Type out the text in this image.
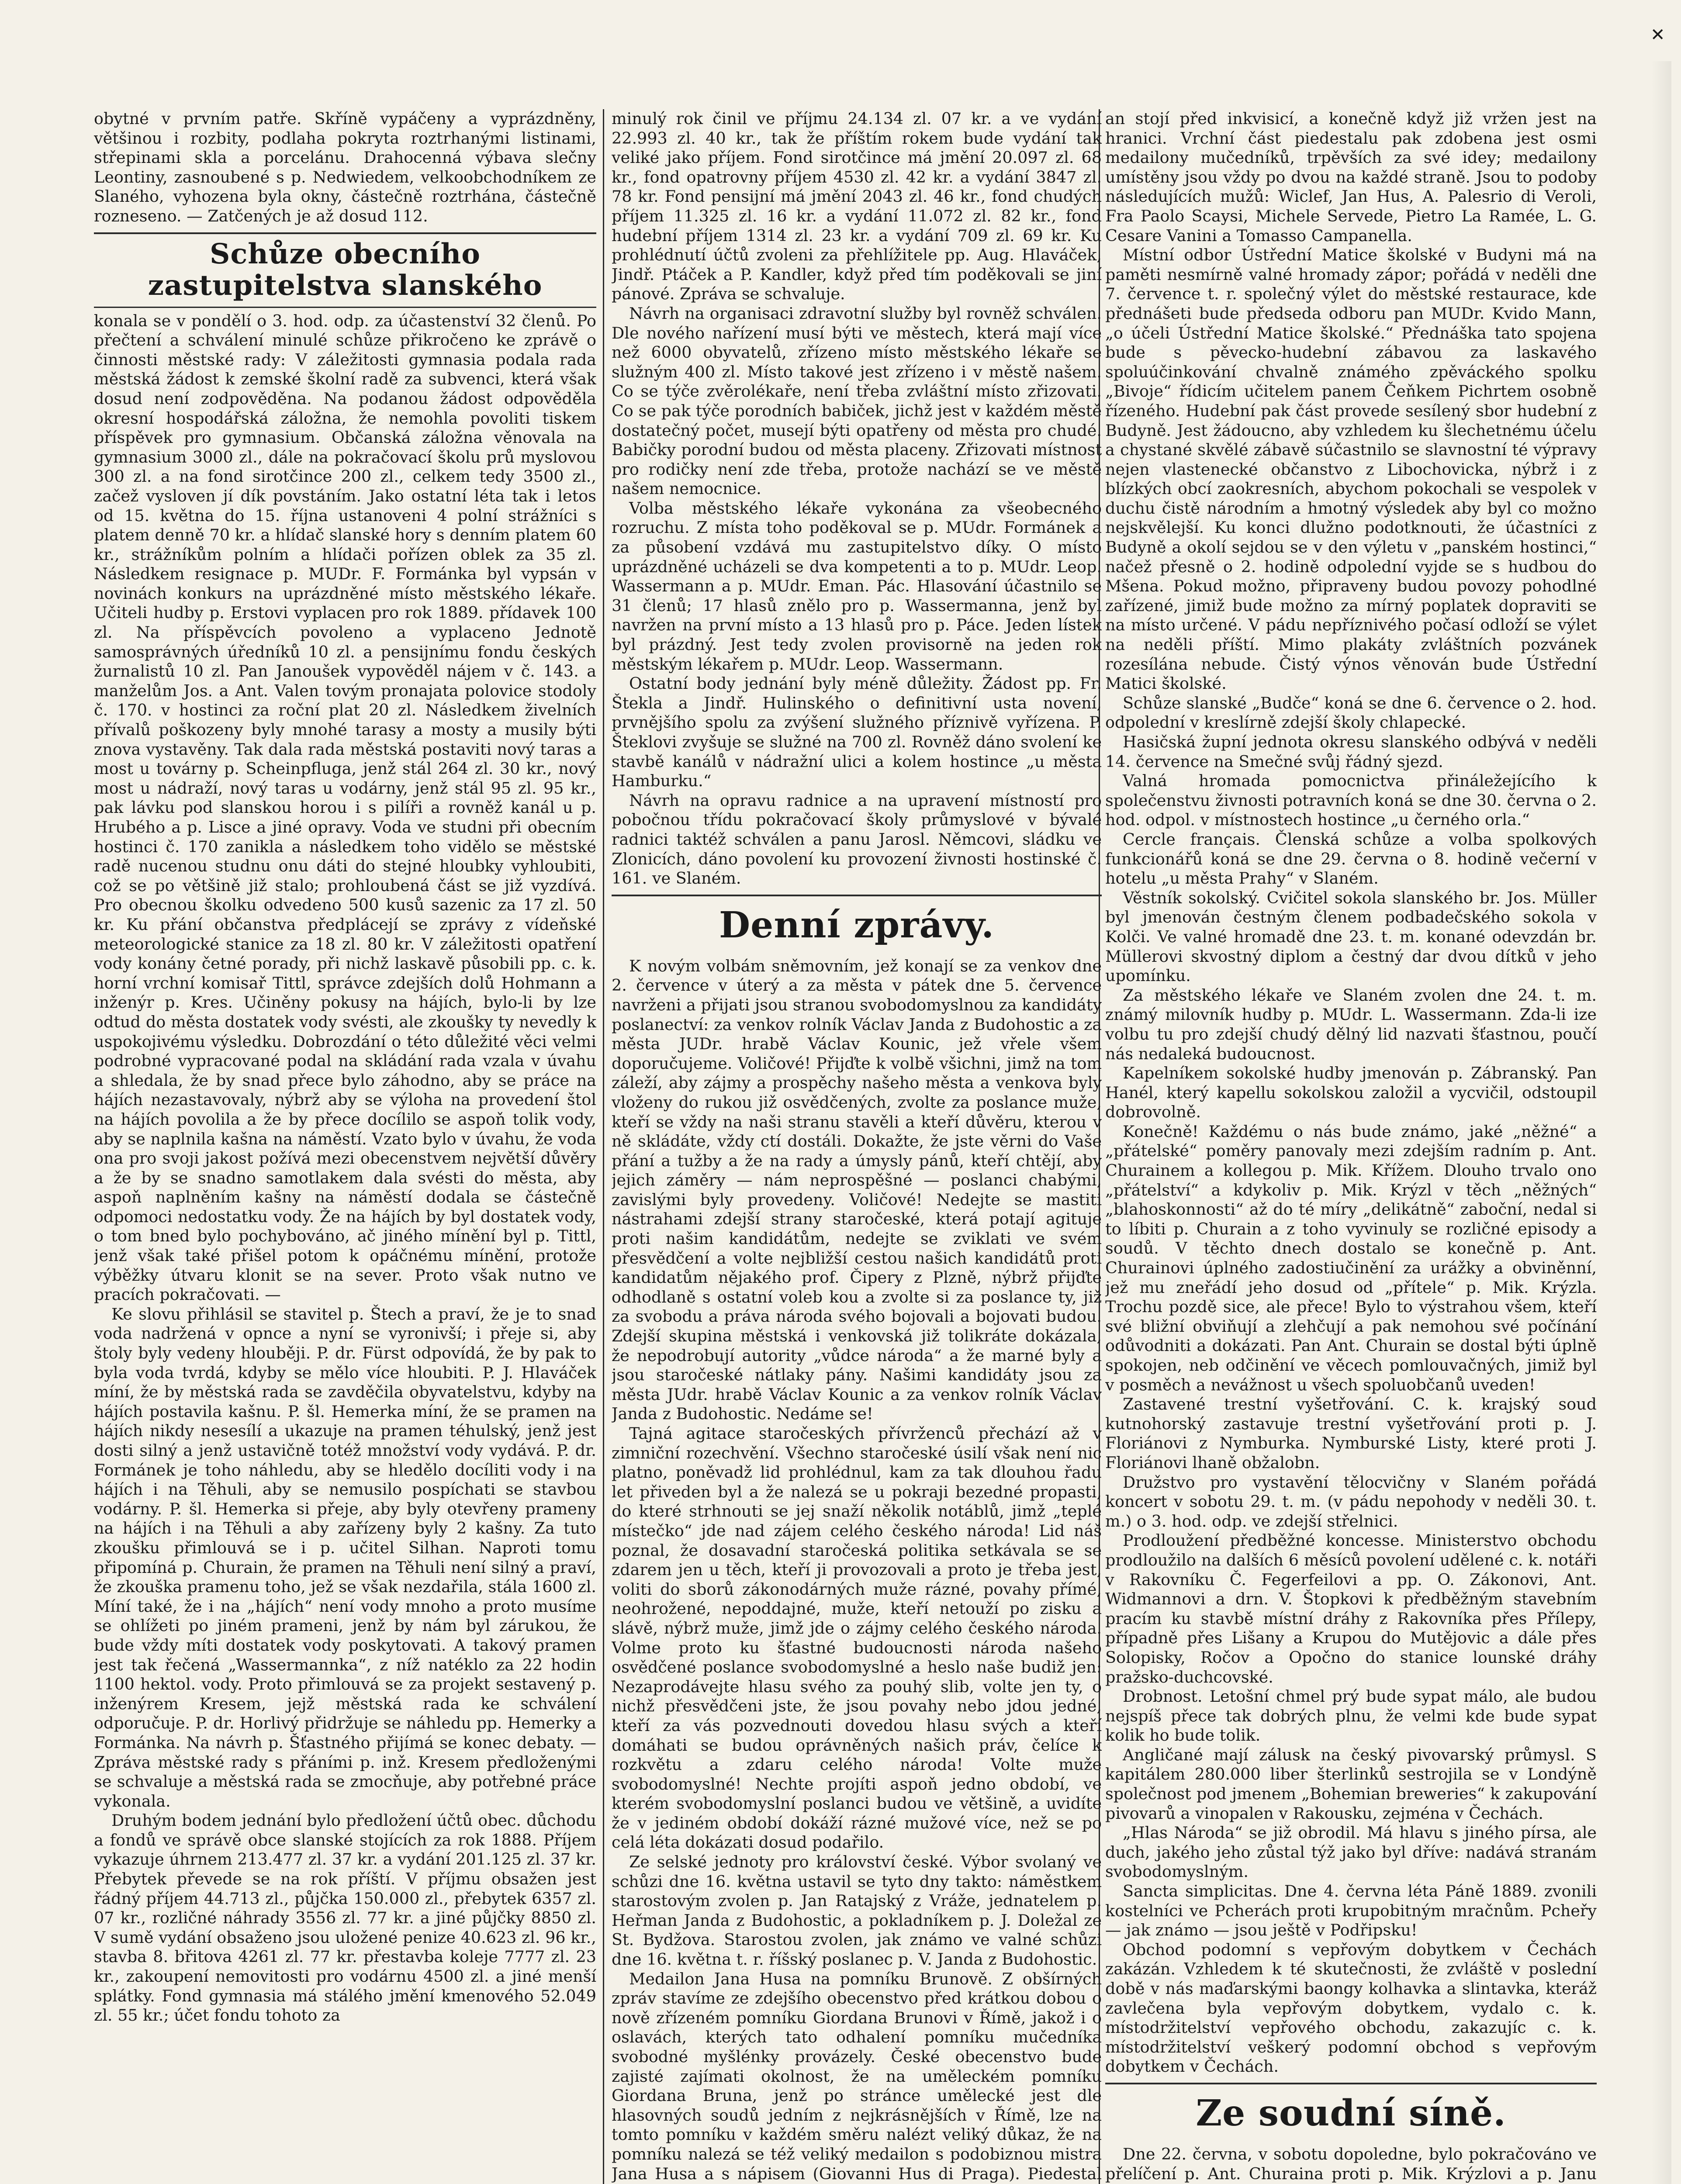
✕

obytné v prvním patře. Skříně vypáčeny a vyprázdněny, většinou i rozbity, podlaha pokryta roztrhanými listinami, střepinami skla a porcelánu. Drahocenná výbava slečny Leontiny, zasnoubené s p. Nedwiedem, velkoobchodníkem ze Slaného, vyhozena byla okny, částečně roztrhána, částečně rozneseno. — Zatčených je až dosud 112.

Schůze obecního zastupitelstva slanského

konala se v pondělí o 3. hod. odp. za účastenství 32 členů. Po přečtení a schválení minulé schůze přikročeno ke zprávě o činnosti městské rady: V záležitosti gymnasia podala rada městská žádost k zemské školní radě za subvenci, která však dosud není zodpověděna. Na podanou žádost odpověděla okresní hospodářská záložna, že nemohla povoliti tiskem příspěvek pro gymnasium. Občanská záložna věnovala na gymnasium 3000 zl., dále na pokračovací školu prů myslovou 300 zl. a na fond sirotčince 200 zl., celkem tedy 3500 zl., začež vysloven jí dík povstáním. Jako ostatní léta tak i letos od 15. května do 15. října ustanoveni 4 polní strážníci s platem denně 70 kr. a hlídač slanské hory s denním platem 60 kr., strážníkům polním a hlídači pořízen oblek za 35 zl. Následkem resignace p. MUDr. F. Formánka byl vypsán v novinách konkurs na uprázdněné místo městského lékaře. Učiteli hudby p. Erstovi vyplacen pro rok 1889. přídavek 100 zl. Na příspěvcích povoleno a vyplaceno Jednotě samosprávných úředníků 10 zl. a pensijnímu fondu českých žurnalistů 10 zl. Pan Janoušek vypověděl nájem v č. 143. a manželům Jos. a Ant. Valen tovým pronajata polovice stodoly č. 170. v hostinci za roční plat 20 zl. Následkem živelních přívalů poškozeny byly mnohé tarasy a mosty a musily býti znova vystavěny. Tak dala rada městská postaviti nový taras a most u továrny p. Scheinpfluga, jenž stál 264 zl. 30 kr., nový most u nádraží, nový taras u vodárny, jenž stál 95 zl. 95 kr., pak lávku pod slanskou horou i s pilíři a rovněž kanál u p. Hrubého a p. Lisce a jiné opravy. Voda ve studni při obecním hostinci č. 170 zanikla a následkem toho vidělo se městské radě nucenou studnu onu dáti do stejné hloubky vyhloubiti, což se po většině již stalo; prohloubená část se již vyzdívá. Pro obecnou školku odvedeno 500 kusů sazenic za 17 zl. 50 kr. Ku přání občanstva předplácejí se zprávy z vídeňské meteorologické stanice za 18 zl. 80 kr. V záležitosti opatření vody konány četné porady, při nichž laskavě působili pp. c. k. horní vrchní komisař Tittl, správce zdejších dolů Hohmann a inženýr p. Kres. Učiněny pokusy na hájích, bylo-li by lze odtud do města dostatek vody svésti, ale zkoušky ty nevedly k uspokojivému výsledku. Dobrozdání o této důležité věci velmi podrobné vypracované podal na skládání rada vzala v úvahu a shledala, že by snad přece bylo záhodno, aby se práce na hájích nezastavovaly, nýbrž aby se výloha na provedení štol na hájích povolila a že by přece docílilo se aspoň tolik vody, aby se naplnila kašna na náměstí. Vzato bylo v úvahu, že voda ona pro svoji jakost požívá mezi obecenstvem největší důvěry a že by se snadno samotlakem dala svésti do města, aby aspoň naplněním kašny na náměstí dodala se částečně odpomoci nedostatku vody. Že na hájích by byl dostatek vody, o tom bned bylo pochybováno, ač jiného mínění byl p. Tittl, jenž však také přišel potom k opáčnému mínění, protože výběžky útvaru klonit se na sever. Proto však nutno ve pracích pokračovati. —

Ke slovu přihlásil se stavitel p. Štech a praví, že je to snad voda nadržená v opnce a nyní se vyronivší; i přeje si, aby štoly byly vedeny hlouběji. P. dr. Fürst odpovídá, že by pak to byla voda tvrdá, kdyby se mělo více hloubiti. P. J. Hlaváček míní, že by městská rada se zavděčila obyvatelstvu, kdyby na hájích postavila kašnu. P. šl. Hemerka míní, že se pramen na hájích nikdy nesesílí a ukazuje na pramen téhulský, jenž jest dosti silný a jenž ustavičně totéž množství vody vydává. P. dr. Formánek je toho náhledu, aby se hledělo docíliti vody i na hájích i na Těhuli, aby se nemusilo pospíchati se stavbou vodárny. P. šl. Hemerka si přeje, aby byly otevřeny prameny na hájích i na Těhuli a aby zařízeny byly 2 kašny. Za tuto zkoušku přimlouvá se i p. učitel Silhan. Naproti tomu připomíná p. Churain, že pramen na Těhuli není silný a praví, že zkouška pramenu toho, jež se však nezdařila, stála 1600 zl. Míní také, že i na „hájích“ není vody mnoho a proto musíme se ohlížeti po jiném prameni, jenž by nám byl zárukou, že bude vždy míti dostatek vody poskytovati. A takový pramen jest tak řečená „Wassermannka“, z níž natéklo za 22 hodin 1100 hektol. vody. Proto přimlouvá se za projekt sestavený p. inženýrem Kresem, jejž městská rada ke schválení odporučuje. P. dr. Horlivý přidržuje se náhledu pp. Hemerky a Formánka. Na návrh p. Šťastného přijímá se konec debaty. — Zpráva městské rady s přáními p. inž. Kresem předloženými se schvaluje a městská rada se zmocňuje, aby potřebné práce vykonala.

Druhým bodem jednání bylo předložení účtů obec. důchodu a fondů ve správě obce slanské stojících za rok 1888. Příjem vykazuje úhrnem 213.477 zl. 37 kr. a vydání 201.125 zl. 37 kr. Přebytek převede se na rok příští. V příjmu obsažen jest řádný příjem 44.713 zl., půjčka 150.000 zl., přebytek 6357 zl. 07 kr., rozličné náhrady 3556 zl. 77 kr. a jiné půjčky 8850 zl. V sumě vydání obsaženo jsou uložené penize 40.623 zl. 96 kr., stavba 8. břitova 4261 zl. 77 kr. přestavba koleje 7777 zl. 23 kr., zakoupení nemovitosti pro vodárnu 4500 zl. a jiné menší splátky. Fond gymnasia má stálého jmění kmenového 52.049 zl. 55 kr.; účet fondu tohoto za

minulý rok činil ve příjmu 24.134 zl. 07 kr. a ve vydání 22.993 zl. 40 kr., tak že příštím rokem bude vydání tak veliké jako příjem. Fond sirotčince má jmění 20.097 zl. 68 kr., fond opatrovny příjem 4530 zl. 42 kr. a vydání 3847 zl. 78 kr. Fond pensijní má jmění 2043 zl. 46 kr., fond chudých příjem 11.325 zl. 16 kr. a vydání 11.072 zl. 82 kr., fond hudební příjem 1314 zl. 23 kr. a vydání 709 zl. 69 kr. Ku prohlédnutí účtů zvoleni za přehlížitele pp. Aug. Hlaváček, Jindř. Ptáček a P. Kandler, když před tím poděkovali se jiní pánové. Zpráva se schvaluje.

Návrh na organisaci zdravotní služby byl rovněž schválen. Dle nového nařízení musí býti ve městech, která mají více než 6000 obyvatelů, zřízeno místo městského lékaře se služným 400 zl. Místo takové jest zřízeno i v městě našem. Co se týče zvěrolékaře, není třeba zvláštní místo zřizovati. Co se pak týče porodních babiček, jichž jest v každém městě dostatečný počet, musejí býti opatřeny od města pro chudé. Babičky porodní budou od města placeny. Zřizovati místnost pro rodičky není zde třeba, protože nachází se ve městě našem nemocnice.

Volba městského lékaře vykonána za všeobecného rozruchu. Z místa toho poděkoval se p. MUdr. Formánek a za působení vzdává mu zastupitelstvo díky. O místo uprázdněné ucházeli se dva kompetenti a to p. MUdr. Leop. Wassermann a p. MUdr. Eman. Pác. Hlasování účastnilo se 31 členů; 17 hlasů znělo pro p. Wassermanna, jenž byl navržen na první místo a 13 hlasů pro p. Páce. Jeden lístek byl prázdný. Jest tedy zvolen provisorně na jeden rok městským lékařem p. MUdr. Leop. Wassermann.

Ostatní body jednání byly méně důležity. Žádost pp. Fr. Štekla a Jindř. Hulinského o definitivní usta novení, prvnějšího spolu za zvýšení služného příznivě vyřízena. P. Šteklovi zvyšuje se služné na 700 zl. Rovněž dáno svolení ke stavbě kanálů v nádražní ulici a kolem hostince „u města Hamburku.“

Návrh na opravu radnice a na upravení místností pro pobočnou třídu pokračovací školy průmyslové v bývalé radnici taktéž schválen a panu Jarosl. Němcovi, sládku ve Zlonicích, dáno povolení ku provození živnosti hostinské č. 161. ve Slaném.

Denní zprávy.

K novým volbám sněmovním, jež konají se za venkov dne 2. července v úterý a za města v pátek dne 5. července navrženi a přijati jsou stranou svobodomyslnou za kandidáty poslanectví: za venkov rolník Václav Janda z Budohostic a za města JUDr. hrabě Václav Kounic, jež vřele všem doporučujeme. Voličové! Přijďte k volbě všichni, jimž na tom záleží, aby zájmy a prospěchy našeho města a venkova byly vloženy do rukou již osvědčených, zvolte za poslance muže, kteří se vždy na naši stranu stavěli a kteří důvěru, kterou v ně skládáte, vždy ctí dostáli. Dokažte, že jste věrni do Vaše přání a tužby a že na rady a úmysly pánů, kteří chtějí, aby jejich záměry — nám neprospěšné — poslanci chabými, zavislými byly provedeny. Voličové! Nedejte se mastiti nástrahami zdejší strany staročeské, která potají agituje proti našim kandidátům, nedejte se zviklati ve svém přesvědčení a volte nejbližší cestou našich kandidátů proti kandidatům nějakého prof. Čipery z Plzně, nýbrž přijďte odhodlaně s ostatní voleb kou a zvolte si za poslance ty, již za svobodu a práva národa svého bojovali a bojovati budou. Zdejší skupina městská i venkovská již tolikráte dokázala, že nepodrobují autority „vůdce národa“ a že marné byly a jsou staročeské nátlaky pány. Našimi kandidáty jsou za města JUdr. hrabě Václav Kounic a za venkov rolník Václav Janda z Budohostic. Nedáme se!

Tajná agitace staročeských přívrženců přechází až v zimniční rozechvění. Všechno staročeské úsilí však není nic platno, poněvadž lid prohlédnul, kam za tak dlouhou řadu let přiveden byl a že nalezá se u pokraji bezedné propasti, do které strhnouti se jej snaží několik notáblů, jimž „teplé místečko“ jde nad zájem celého českého národa! Lid náš poznal, že dosavadní staročeská politika setkávala se se zdarem jen u těch, kteří ji provozovali a proto je třeba jest, voliti do sborů zákonodárných muže rázné, povahy přímé, neohrožené, nepoddajné, muže, kteří netouží po zisku a slávě, nýbrž muže, jimž jde o zájmy celého českého národa. Volme proto ku šťastné budoucnosti národa našeho osvědčené poslance svobodomyslné a heslo naše budiž jen: Nezaprodávejte hlasu svého za pouhý slib, volte jen ty, o nichž přesvědčeni jste, že jsou povahy nebo jdou jedné, kteří za vás pozvednouti dovedou hlasu svých a kteří domáhati se budou oprávněných našich práv, čelíce k rozkvětu a zdaru celého národa! Volte muže svobodomyslné! Nechte projíti aspoň jedno období, ve kterém svobodomyslní poslanci budou ve většině, a uvidíte že v jediném období dokáží rázné mužové více, než se po celá léta dokázati dosud podařilo.

Ze selské jednoty pro království české. Výbor svolaný ve schůzi dne 16. května ustavil se tyto dny takto: náměstkem starostovým zvolen p. Jan Ratajský z Vráže, jednatelem p. Heřman Janda z Budohostic, a pokladníkem p. J. Doležal ze St. Bydžova. Starostou zvolen, jak známo ve valné schůzi dne 16. května t. r. říšský poslanec p. V. Janda z Budohostic.

Medailon Jana Husa na pomníku Brunově. Z obšírných zpráv stavíme ze zdejšího obecenstvo před krátkou dobou o nově zřízeném pomníku Giordana Brunovi v Římě, jakož i o oslavách, kterých tato odhalení pomníku mučedníka svobodné myšlénky provázely. České obecenstvo bude zajisté zajímati okolnost, že na uměleckém pomníku Giordana Bruna, jenž po stránce umělecké jest dle hlasovných soudů jedním z nejkrásnějších v Římě, lze na tomto pomníku v každém směru nalézt veliký důkaz, že na pomníku nalezá se též veliký medailon s podobiznou mistra Jana Husa a s nápisem (Giovanni Hus di Praga). Piedestal

an stojí před inkvisicí, a konečně když již vržen jest na hranici. Vrchní část piedestalu pak zdobena jest osmi medailony mučedníků, trpěvších za své idey; medailony umístěny jsou vždy po dvou na každé straně. Jsou to podoby následujících mužů: Wiclef, Jan Hus, A. Palesrio di Veroli, Fra Paolo Scaysi, Michele Servede, Pietro La Ramée, L. G. Cesare Vanini a Tomasso Campanella.

Místní odbor Ústřední Matice školské v Budyni má na paměti nesmírně valné hromady zápor; pořádá v neděli dne 7. července t. r. společný výlet do městské restaurace, kde přednášeti bude předseda odboru pan MUDr. Kvido Mann, „o účeli Ústřední Matice školské.“ Přednáška tato spojena bude s pěvecko-hudební zábavou za laskavého spoluúčinkování chvalně známého zpěváckého spolku „Bivoje“ řídicím učitelem panem Čeňkem Pichrtem osobně řízeného. Hudební pak část provede sesílený sbor hudební z Budyně. Jest žádoucno, aby vzhledem ku šlechetnému účelu a chystané skvělé zábavě súčastnilo se slavnostní té výpravy nejen vlastenecké občanstvo z Libochovicka, nýbrž i z blízkých obcí zaokresních, abychom pokochali se vespolek v duchu čistě národním a hmotný výsledek aby byl co možno nejskvělejší. Ku konci dlužno podotknouti, že účastníci z Budyně a okolí sejdou se v den výletu v „panském hostinci,“ načež přesně o 2. hodině odpolední vyjde se s hudbou do Mšena. Pokud možno, připraveny budou povozy pohodlné zařízené, jimiž bude možno za mírný poplatek dopraviti se na místo určené. V pádu nepříznivého počasí odloží se výlet na neděli příští. Mimo plakáty zvláštních pozvánek rozesílána nebude. Čistý výnos věnován bude Ústřední Matici školské.

Schůze slanské „Budče“ koná se dne 6. července o 2. hod. odpolední v kreslírně zdejší školy chlapecké.

Hasičská župní jednota okresu slanského odbývá v neděli 14. července na Smečné svůj řádný sjezd.

Valná hromada pomocnictva přináležejícího k společenstvu živnosti potravních koná se dne 30. června o 2. hod. odpol. v místnostech hostince „u černého orla.“

Cercle français. Členská schůze a volba spolkových funkcionářů koná se dne 29. června o 8. hodině večerní v hotelu „u města Prahy“ v Slaném.

Věstník sokolský. Cvičitel sokola slanského br. Jos. Müller byl jmenován čestným členem podbadečského sokola v Kolči. Ve valné hromadě dne 23. t. m. konané odevzdán br. Müllerovi skvostný diplom a čestný dar dvou dítků v jeho upomínku.

Za městského lékaře ve Slaném zvolen dne 24. t. m. známý milovník hudby p. MUdr. L. Wassermann. Zda-li ize volbu tu pro zdejší chudý dělný lid nazvati šťastnou, poučí nás nedaleká budoucnost.

Kapelníkem sokolské hudby jmenován p. Zábranský. Pan Hanél, který kapellu sokolskou založil a vycvičil, odstoupil dobrovolně.

Konečně! Každému o nás bude známo, jaké „něžné“ a „přátelské“ poměry panovaly mezi zdejším radním p. Ant. Churainem a kollegou p. Mik. Křížem. Dlouho trvalo ono „přátelství“ a kdykoliv p. Mik. Krýzl v těch „něžných“ „blahoskonnosti“ až do té míry „delikátně“ zaboční, nedal si to líbiti p. Churain a z toho vyvinuly se rozličné episody a soudů. V těchto dnech dostalo se konečně p. Ant. Churainovi úplného zadostiučinění za urážky a obviněnní, jež mu zneřádí jeho dosud od „přítele“ p. Mik. Krýzla. Trochu pozdě sice, ale přece! Bylo to výstrahou všem, kteří své bližní obviňují a zlehčují a pak nemohou své počínání odůvodniti a dokázati. Pan Ant. Churain se dostal býti úplně spokojen, neb odčinění ve věcech pomlouvačných, jimiž byl v posměch a nevážnost u všech spoluobčanů uveden!

Zastavené trestní vyšetřování. C. k. krajský soud kutnohorský zastavuje trestní vyšetřování proti p. J. Floriánovi z Nymburka. Nymburské Listy, které proti J. Floriánovi lhaně obžalobn.

Družstvo pro vystavění tělocvičny v Slaném pořádá koncert v sobotu 29. t. m. (v pádu nepohody v neděli 30. t. m.) o 3. hod. odp. ve zdejší střelnici.

Prodloužení předběžné koncesse. Ministerstvo obchodu prodloužilo na dalších 6 měsíců povolení udělené c. k. notáři v Rakovníku Č. Fegerfeilovi a pp. O. Zákonovi, Ant. Widmannovi a drn. V. Štopkovi k předběžným stavebním pracím ku stavbě místní dráhy z Rakovníka přes Přílepy, případně přes Lišany a Krupou do Mutějovic a dále přes Solopisky, Ročov a Opočno do stanice lounské dráhy pražsko-duchcovské.

Drobnost. Letošní chmel prý bude sypat málo, ale budou nejspíš přece tak dobrých plnu, že velmi kde bude sypat kolik ho bude tolik.

Angličané mají zálusk na český pivovarský průmysl. S kapitálem 280.000 liber šterlinků sestrojila se v Londýně společnost pod jmenem „Bohemian breweries“ k zakupování pivovarů a vinopalen v Rakousku, zejména v Čechách.

„Hlas Národa“ se již obrodil. Má hlavu s jiného pírsa, ale duch, jakého jeho zůstal týž jako byl dříve: nadává stranám svobodomyslným.

Sancta simplicitas. Dne 4. června léta Páně 1889. zvonili kostelníci ve Pcherách proti krupobitným mračnům. Pcheřy — jak známo — jsou ještě v Podřipsku!

Obchod podomní s vepřovým dobytkem v Čechách zakázán. Vzhledem k té skutečnosti, že zvláště v poslední době v nás maďarskými baongy kolhavka a slintavka, kteráž zavlečena byla vepřovým dobytkem, vydalo c. k. místodržitelství vepřového obchodu, zakazujíc c. k. místodržitelství veškerý podomní obchod s vepřovým dobytkem v Čechách.

Ze soudní síně.

Dne 22. června, v sobotu dopoledne, bylo pokračováno ve přelíčení p. Ant. Churaina proti p. Mik. Krýzlovi a p. Janu
